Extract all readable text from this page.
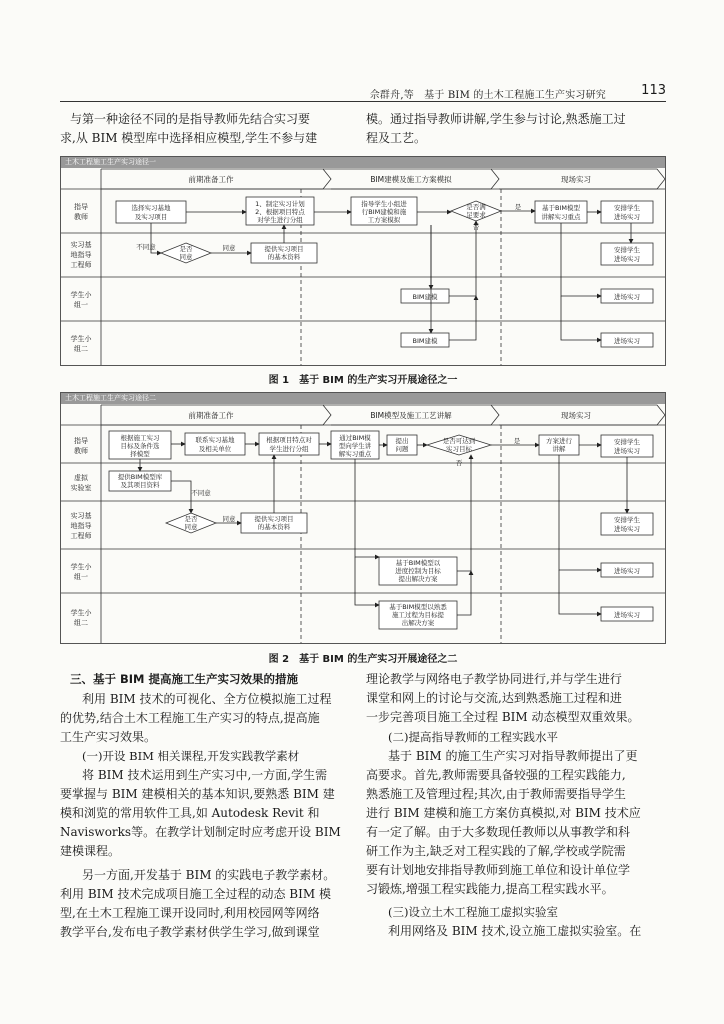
佘群舟,等　基于 BIM 的土木工程施工生产实习研究	113
与第一种途径不同的是指导教师先结合实习要
求,从 BIM 模型库中选择相应模型,学生不参与建
模。通过指导教师讲解,学生参与讨论,熟悉施工过
程及工艺。
土木工程施工生产实习途径一
前期准备工作	BIM建模及施工方案模拟	现场实习
指导教师
实习基地指导工程师
学生小组一
学生小组二
选择实习基地及实习项目
1、制定实习计划 2、根据项目特点对学生进行分组
指导学生小组进行BIM建模和施工方案模拟
是否满足要求
基于BIM模型讲解实习重点
安排学生进场实习
是否同意
提供实习项目的基本资料
安排学生进场实习
BIM建模	进场实习
BIM建模	进场实习
不同意	同意
否
是
图 1　基于 BIM 的生产实习开展途径之一
土木工程施工生产实习途径二
前期准备工作	BIM模型及施工工艺讲解	现场实习
指导教师
虚拟实验室
实习基地指导工程师
学生小组一
学生小组二
根据施工实习目标及条件选择模型
联系实习基地及相关单位
根据项目特点对学生进行分组
通过BIM模型向学生讲解实习重点
提出问题
是否可达到实习目标
方案进行讲解
安排学生进场实习
提供BIM模型库及其项目资料
是否同意
提供实习项目的基本资料
安排学生进场实习
基于BIM模型以进度控制为目标提出解决方案
进场实习
基于BIM模型以熟悉施工过程为目标提出解决方案
进场实习
不同意
同意
否
是
图 2　基于 BIM 的生产实习开展途径之二
三、基于 BIM 提高施工生产实习效果的措施
利用 BIM 技术的可视化、全方位模拟施工过程
的优势,结合土木工程施工生产实习的特点,提高施
工生产实习效果。
(一)开设 BIM 相关课程,开发实践教学素材
将 BIM 技术运用到生产实习中,一方面,学生需
要掌握与 BIM 建模相关的基本知识,要熟悉 BIM 建
模和浏览的常用软件工具,如 Autodesk Revit 和
Navisworks等。在教学计划制定时应考虑开设 BIM
建模课程。
另一方面,开发基于 BIM 的实践电子教学素材。
利用 BIM 技术完成项目施工全过程的动态 BIM 模
型,在土木工程施工课开设同时,利用校园网等网络
教学平台,发布电子教学素材供学生学习,做到课堂
理论教学与网络电子教学协同进行,并与学生进行
课堂和网上的讨论与交流,达到熟悉施工过程和进
一步完善项目施工全过程 BIM 动态模型双重效果。
(二)提高指导教师的工程实践水平
基于 BIM 的施工生产实习对指导教师提出了更
高要求。首先,教师需要具备较强的工程实践能力,
熟悉施工及管理过程;其次,由于教师需要指导学生
进行 BIM 建模和施工方案仿真模拟,对 BIM 技术应
有一定了解。由于大多数现任教师以从事教学和科
研工作为主,缺乏对工程实践的了解,学校或学院需
要有计划地安排指导教师到施工单位和设计单位学
习锻炼,增强工程实践能力,提高工程实践水平。
(三)设立土木工程施工虚拟实验室
利用网络及 BIM 技术,设立施工虚拟实验室。在
